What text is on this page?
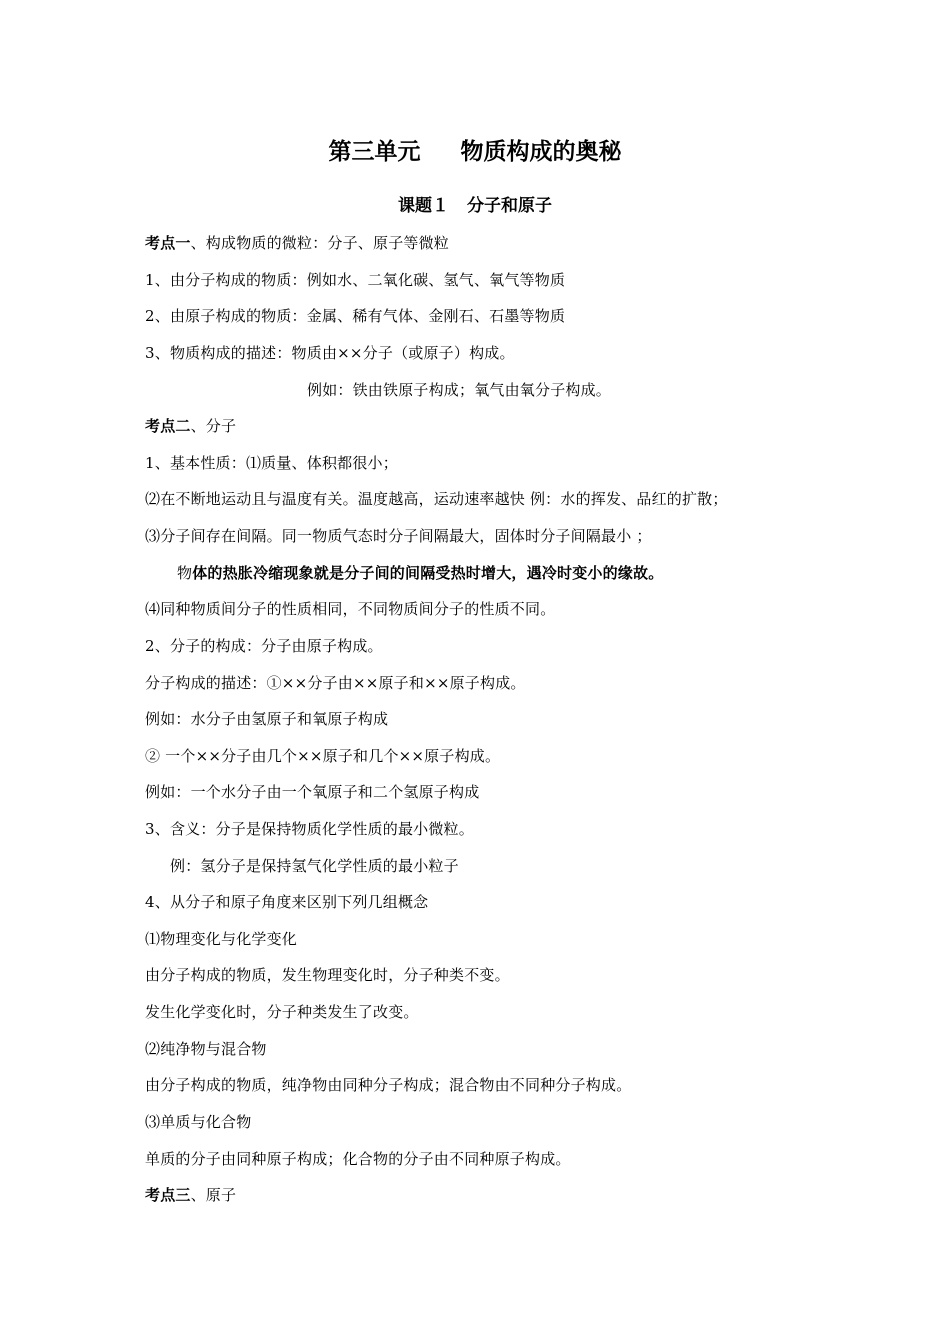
第三单元 物质构成的奥秘
课题１ 分子和原子
考点一、构成物质的微粒：分子、原子等微粒
1、由分子构成的物质：例如水、二氧化碳、氢气、氧气等物质
2、由原子构成的物质：金属、稀有气体、金刚石、石墨等物质
3、物质构成的描述：物质由××分子（或原子）构成。
例如：铁由铁原子构成；氧气由氧分子构成。
考点二、分子
1、基本性质：⑴质量、体积都很小；
⑵在不断地运动且与温度有关。温度越高，运动速率越快 例：水的挥发、品红的扩散；
⑶分子间存在间隔。同一物质气态时分子间隔最大，固体时分子间隔最小 ；
物体的热胀冷缩现象就是分子间的间隔受热时增大，遇冷时变小的缘故。
⑷同种物质间分子的性质相同，不同物质间分子的性质不同。
2、分子的构成：分子由原子构成。
分子构成的描述：①××分子由××原子和××原子构成。
例如：水分子由氢原子和氧原子构成
② 一个××分子由几个××原子和几个××原子构成。
例如：一个水分子由一个氧原子和二个氢原子构成
3、含义：分子是保持物质化学性质的最小微粒。
例：氢分子是保持氢气化学性质的最小粒子
4、从分子和原子角度来区别下列几组概念
⑴物理变化与化学变化
由分子构成的物质，发生物理变化时，分子种类不变。
发生化学变化时，分子种类发生了改变。
⑵纯净物与混合物
由分子构成的物质，纯净物由同种分子构成；混合物由不同种分子构成。
⑶单质与化合物
单质的分子由同种原子构成；化合物的分子由不同种原子构成。
考点三、原子
